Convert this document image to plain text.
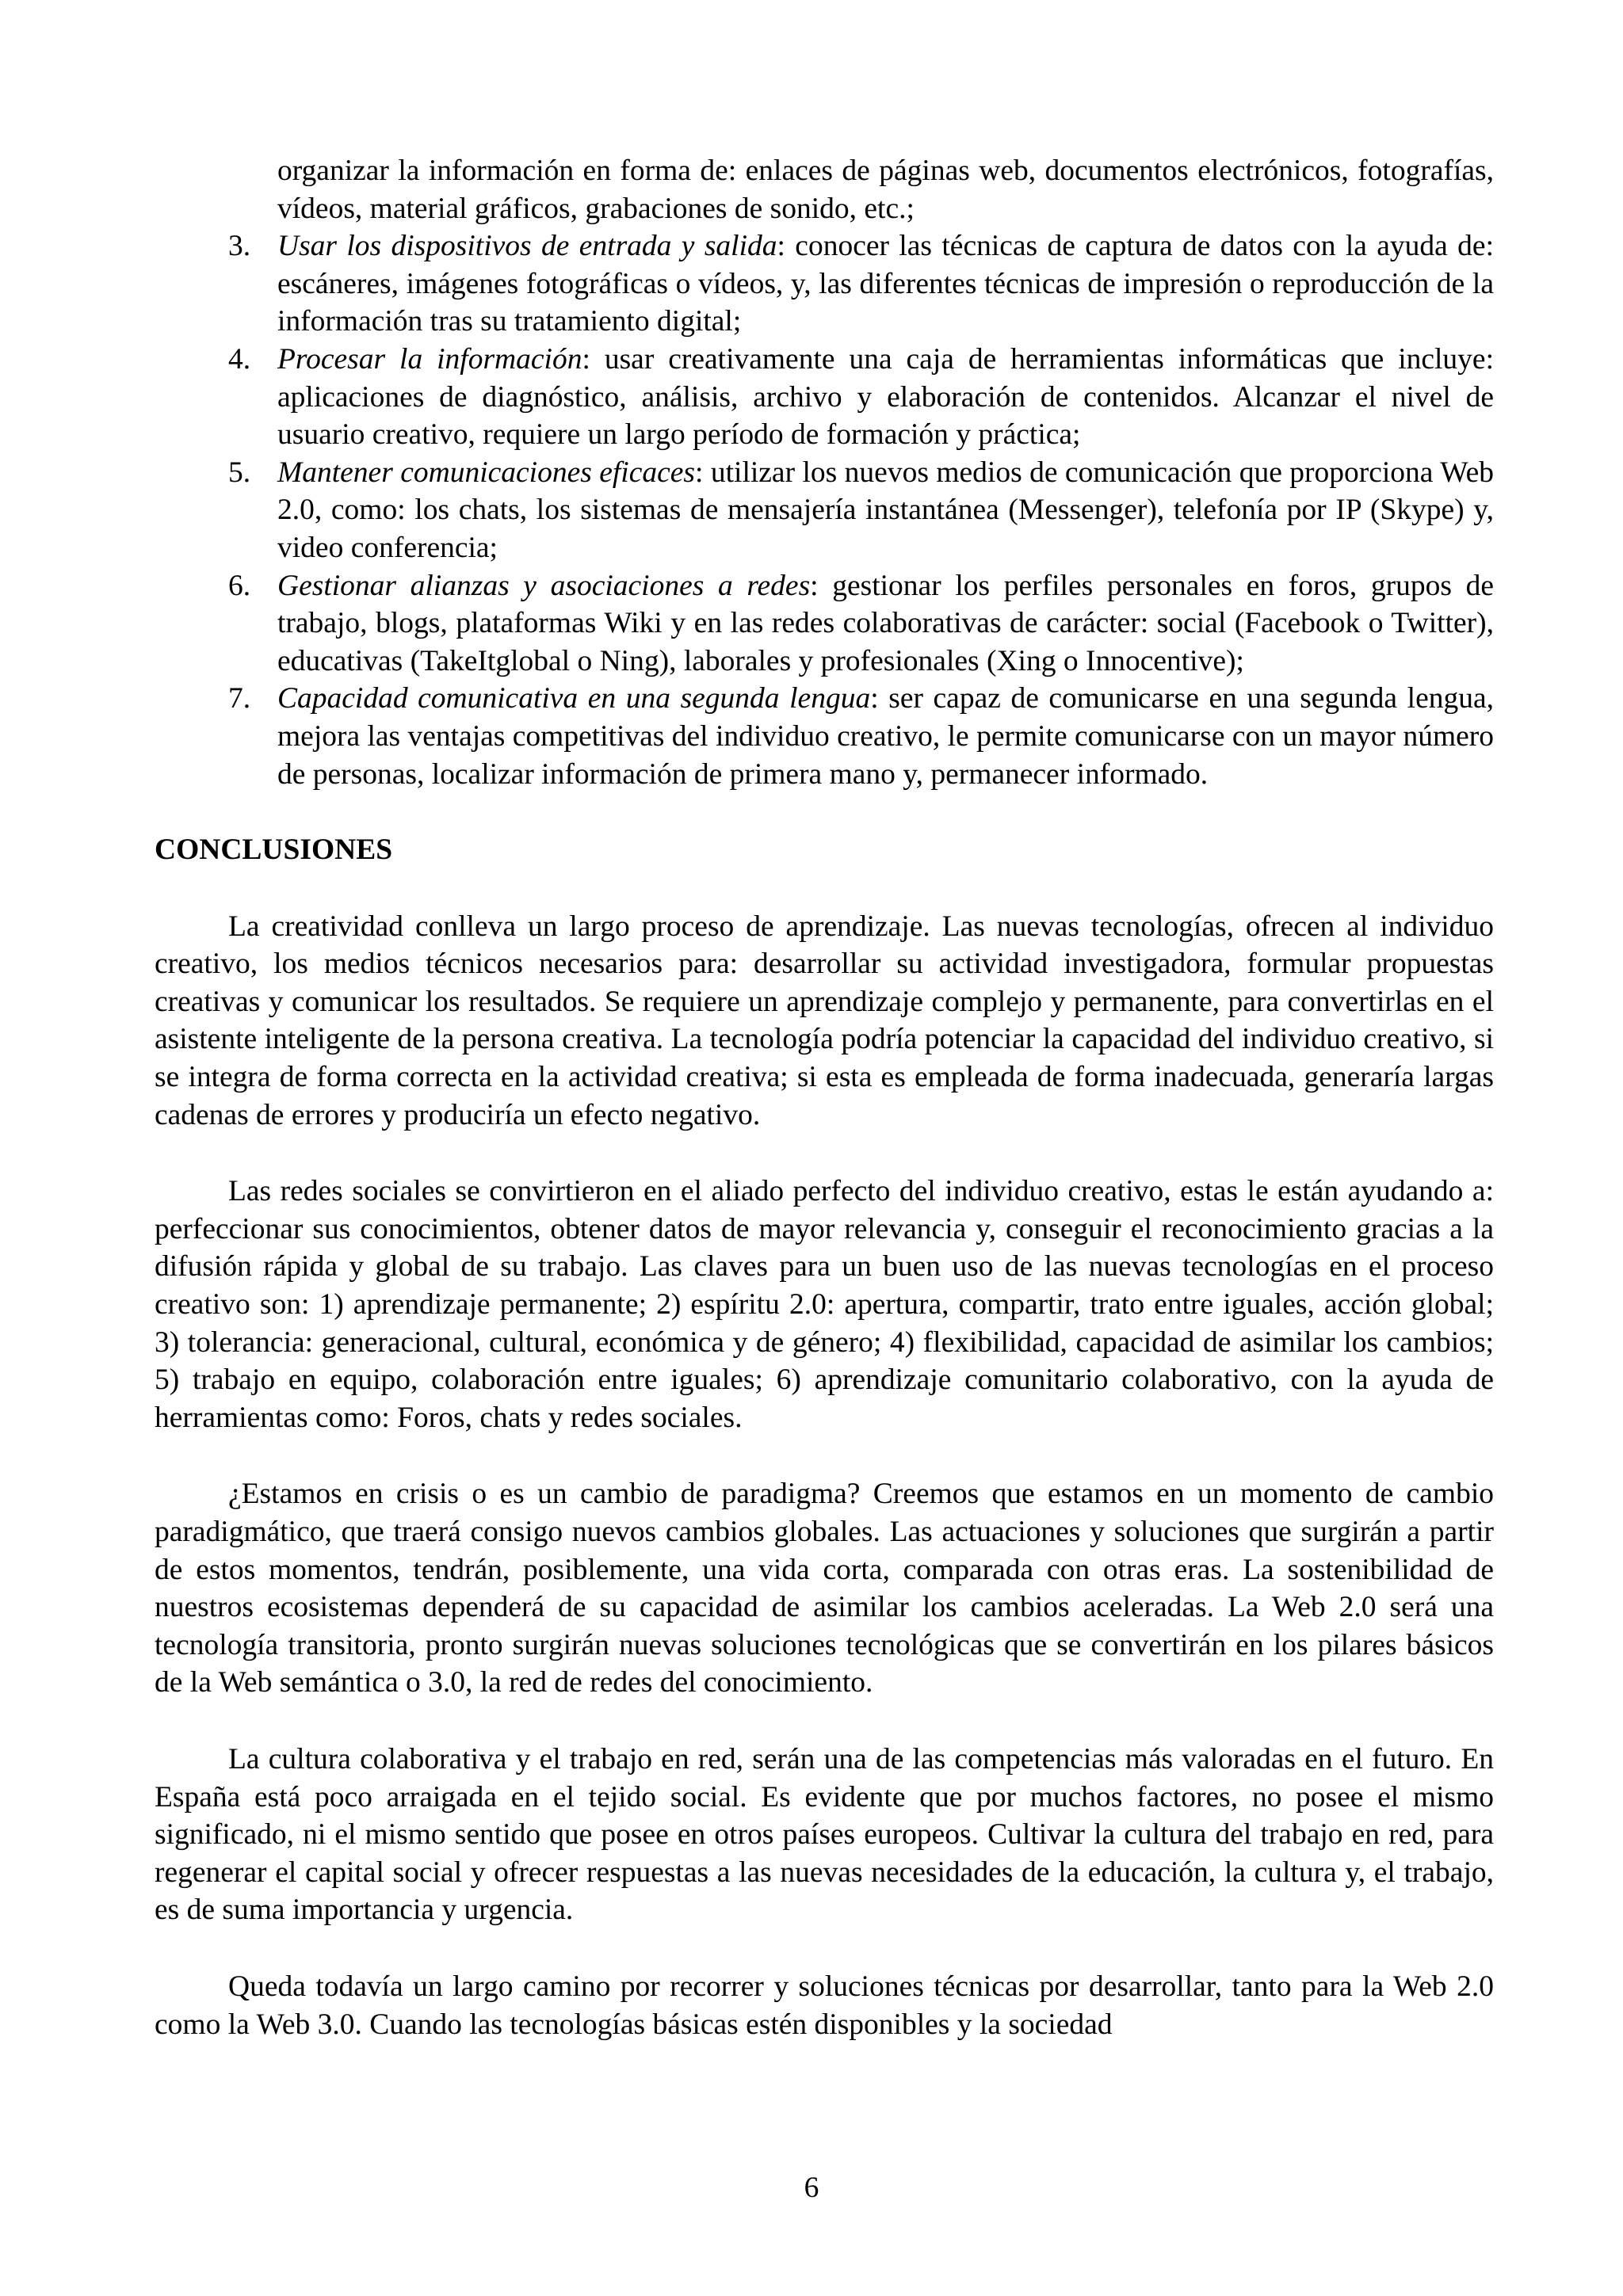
organizar la información en forma de: enlaces de páginas web, documentos electrónicos, fotografías, vídeos, material gráficos, grabaciones de sonido, etc.;
3. Usar los dispositivos de entrada y salida: conocer las técnicas de captura de datos con la ayuda de: escáneres, imágenes fotográficas o vídeos, y, las diferentes técnicas de impresión o reproducción de la información tras su tratamiento digital;
4. Procesar la información: usar creativamente una caja de herramientas informáticas que incluye: aplicaciones de diagnóstico, análisis, archivo y elaboración de contenidos. Alcanzar el nivel de usuario creativo, requiere un largo período de formación y práctica;
5. Mantener comunicaciones eficaces: utilizar los nuevos medios de comunicación que proporciona Web 2.0, como: los chats, los sistemas de mensajería instantánea (Messenger), telefonía por IP (Skype) y, video conferencia;
6. Gestionar alianzas y asociaciones a redes: gestionar los perfiles personales en foros, grupos de trabajo, blogs, plataformas Wiki y en las redes colaborativas de carácter: social (Facebook o Twitter), educativas (TakeItglobal o Ning), laborales y profesionales (Xing o Innocentive);
7. Capacidad comunicativa en una segunda lengua: ser capaz de comunicarse en una segunda lengua, mejora las ventajas competitivas del individuo creativo, le permite comunicarse con un mayor número de personas, localizar información de primera mano y, permanecer informado.
CONCLUSIONES

La creatividad conlleva un largo proceso de aprendizaje. Las nuevas tecnologías, ofrecen al individuo creativo, los medios técnicos necesarios para: desarrollar su actividad investigadora, formular propuestas creativas y comunicar los resultados. Se requiere un aprendizaje complejo y permanente, para convertirlas en el asistente inteligente de la persona creativa. La tecnología podría potenciar la capacidad del individuo creativo, si se integra de forma correcta en la actividad creativa; si esta es empleada de forma inadecuada, generaría largas cadenas de errores y produciría un efecto negativo.

Las redes sociales se convirtieron en el aliado perfecto del individuo creativo, estas le están ayudando a: perfeccionar sus conocimientos, obtener datos de mayor relevancia y, conseguir el reconocimiento gracias a la difusión rápida y global de su trabajo. Las claves para un buen uso de las nuevas tecnologías en el proceso creativo son: 1) aprendizaje permanente; 2) espíritu 2.0: apertura, compartir, trato entre iguales, acción global; 3) tolerancia: generacional, cultural, económica y de género; 4) flexibilidad, capacidad de asimilar los cambios; 5) trabajo en equipo, colaboración entre iguales; 6) aprendizaje comunitario colaborativo, con la ayuda de herramientas como: Foros, chats y redes sociales.

¿Estamos en crisis o es un cambio de paradigma? Creemos que estamos en un momento de cambio paradigmático, que traerá consigo nuevos cambios globales. Las actuaciones y soluciones que surgirán a partir de estos momentos, tendrán, posiblemente, una vida corta, comparada con otras eras. La sostenibilidad de nuestros ecosistemas dependerá de su capacidad de asimilar los cambios aceleradas. La Web 2.0 será una tecnología transitoria, pronto surgirán nuevas soluciones tecnológicas que se convertirán en los pilares básicos de la Web semántica o 3.0, la red de redes del conocimiento.

La cultura colaborativa y el trabajo en red, serán una de las competencias más valoradas en el futuro. En España está poco arraigada en el tejido social. Es evidente que por muchos factores, no posee el mismo significado, ni el mismo sentido que posee en otros países europeos. Cultivar la cultura del trabajo en red, para regenerar el capital social y ofrecer respuestas a las nuevas necesidades de la educación, la cultura y, el trabajo, es de suma importancia y urgencia.

Queda todavía un largo camino por recorrer y soluciones técnicas por desarrollar, tanto para la Web 2.0 como la Web 3.0. Cuando las tecnologías básicas estén disponibles y la sociedad

6
